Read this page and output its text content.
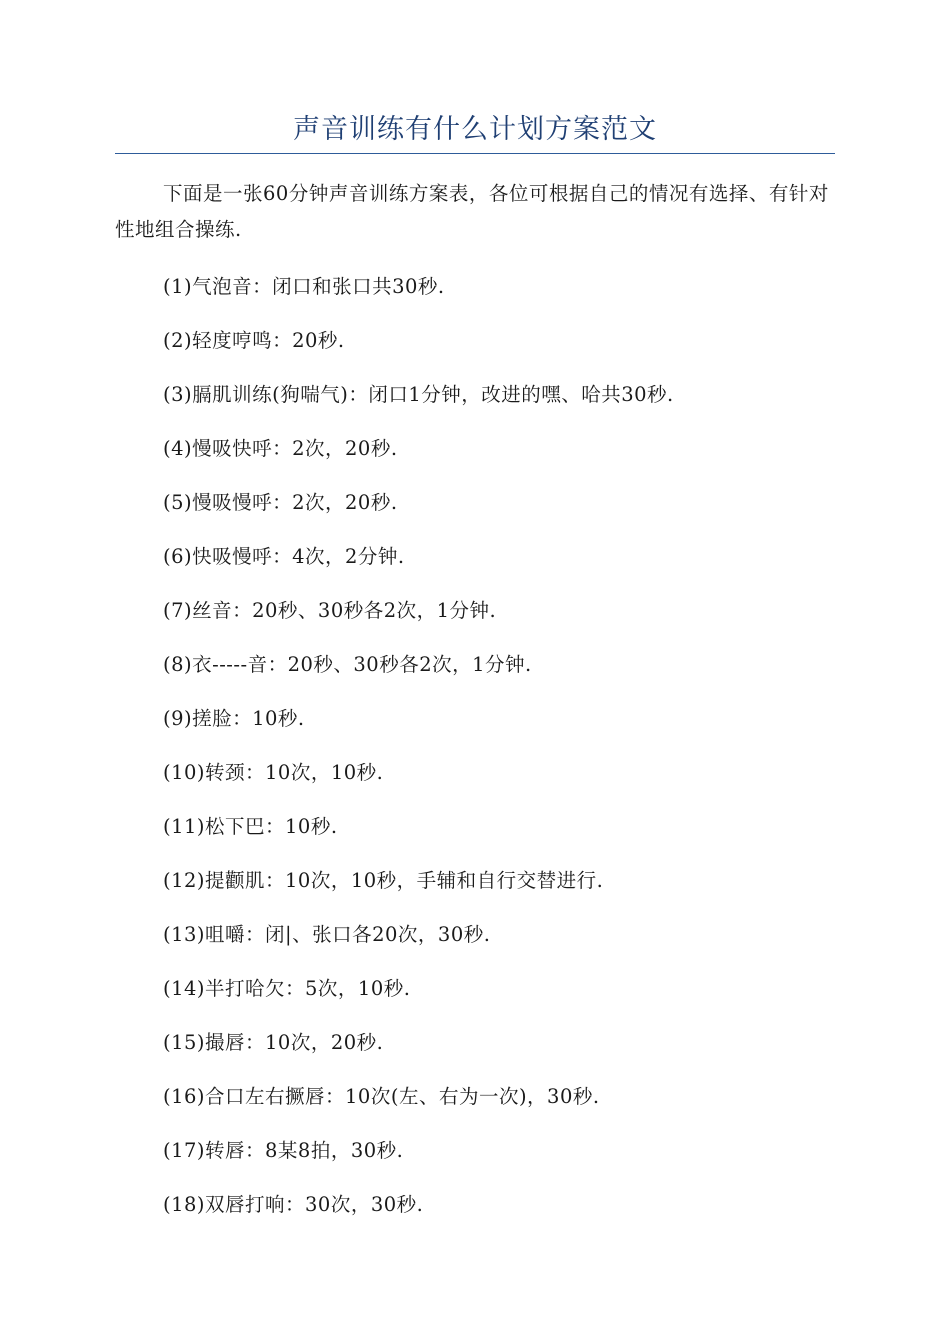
声音训练有什么计划方案范文
下面是一张60分钟声音训练方案表，各位可根据自己的情况有选择、有针对性地组合操练.
(1)气泡音：闭口和张口共30秒.
(2)轻度哼鸣：20秒.
(3)膈肌训练(狗喘气)：闭口1分钟，改进的嘿、哈共30秒.
(4)慢吸快呼：2次，20秒.
(5)慢吸慢呼：2次，20秒.
(6)快吸慢呼：4次，2分钟.
(7)丝音：20秒、30秒各2次，1分钟.
(8)衣-----音：20秒、30秒各2次，1分钟.
(9)搓脸：10秒.
(10)转颈：10次，10秒.
(11)松下巴：10秒.
(12)提颧肌：10次，10秒，手辅和自行交替进行.
(13)咀嚼：闭|、张口各20次，30秒.
(14)半打哈欠：5次，10秒.
(15)撮唇：10次，20秒.
(16)合口左右撅唇：10次(左、右为一次)，30秒.
(17)转唇：8某8拍，30秒.
(18)双唇打响：30次，30秒.
